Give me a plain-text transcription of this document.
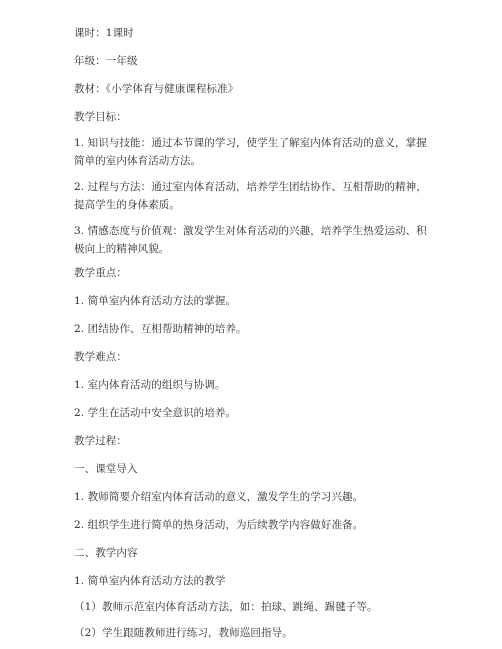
课时：1课时
年级：一年级
教材：《小学体育与健康课程标准》
教学目标：
1. 知识与技能：通过本节课的学习，使学生了解室内体育活动的意义，掌握简单的室内体育活动方法。
2. 过程与方法：通过室内体育活动，培养学生团结协作、互相帮助的精神，提高学生的身体素质。
3. 情感态度与价值观：激发学生对体育活动的兴趣，培养学生热爱运动、积极向上的精神风貌。
教学重点：
1. 简单室内体育活动方法的掌握。
2. 团结协作、互相帮助精神的培养。
教学难点：
1. 室内体育活动的组织与协调。
2. 学生在活动中安全意识的培养。
教学过程：
一、课堂导入
1. 教师简要介绍室内体育活动的意义，激发学生的学习兴趣。
2. 组织学生进行简单的热身活动，为后续教学内容做好准备。
二、教学内容
1. 简单室内体育活动方法的教学
（1）教师示范室内体育活动方法，如：拍球、跳绳、踢毽子等。
（2）学生跟随教师进行练习，教师巡回指导。
